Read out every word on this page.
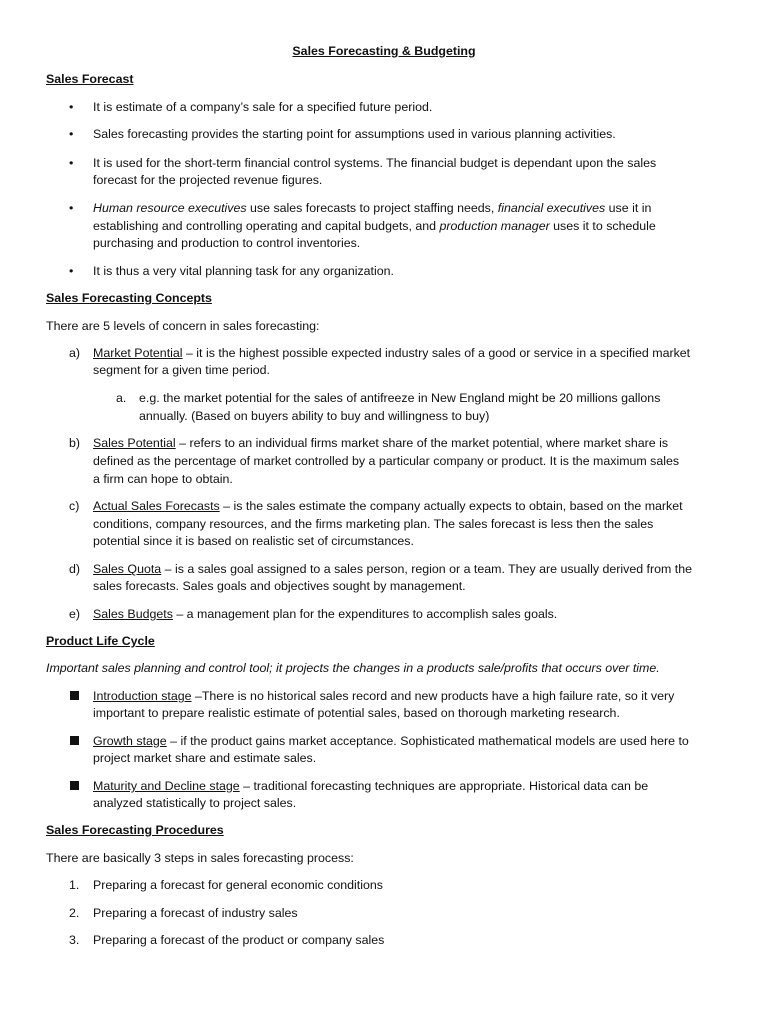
Sales Forecasting & Budgeting
Sales Forecast
•	It is estimate of a company’s sale for a specified future period.
•	Sales forecasting provides the starting point for assumptions used in various planning activities.
•	It is used for the short-term financial control systems. The financial budget is dependant upon the sales
forecast for the projected revenue figures.
•	Human resource executives use sales forecasts to project staffing needs, financial executives use it in
establishing and controlling operating and capital budgets, and production manager uses it to schedule
purchasing and production to control inventories.
•	It is thus a very vital planning task for any organization.
Sales Forecasting Concepts
There are 5 levels of concern in sales forecasting:
a)	Market Potential – it is the highest possible expected industry sales of a good or service in a specified market
segment for a given time period.
a.	e.g. the market potential for the sales of antifreeze in New England might be 20 millions gallons
annually. (Based on buyers ability to buy and willingness to buy)
b)	Sales Potential – refers to an individual firms market share of the market potential, where market share is
defined as the percentage of market controlled by a particular company or product. It is the maximum sales
a firm can hope to obtain.
c)	Actual Sales Forecasts – is the sales estimate the company actually expects to obtain, based on the market
conditions, company resources, and the firms marketing plan. The sales forecast is less then the sales
potential since it is based on realistic set of circumstances.
d)	Sales Quota – is a sales goal assigned to a sales person, region or a team. They are usually derived from the
sales forecasts. Sales goals and objectives sought by management.
e)	Sales Budgets – a management plan for the expenditures to accomplish sales goals.
Product Life Cycle
Important sales planning and control tool; it projects the changes in a products sale/profits that occurs over time.
Introduction stage –There is no historical sales record and new products have a high failure rate, so it very
important to prepare realistic estimate of potential sales, based on thorough marketing research.
Growth stage – if the product gains market acceptance. Sophisticated mathematical models are used here to
project market share and estimate sales.
Maturity and Decline stage – traditional forecasting techniques are appropriate. Historical data can be
analyzed statistically to project sales.
Sales Forecasting Procedures
There are basically 3 steps in sales forecasting process:
1.	Preparing a forecast for general economic conditions
2.	Preparing a forecast of industry sales
3.	Preparing a forecast of the product or company sales
